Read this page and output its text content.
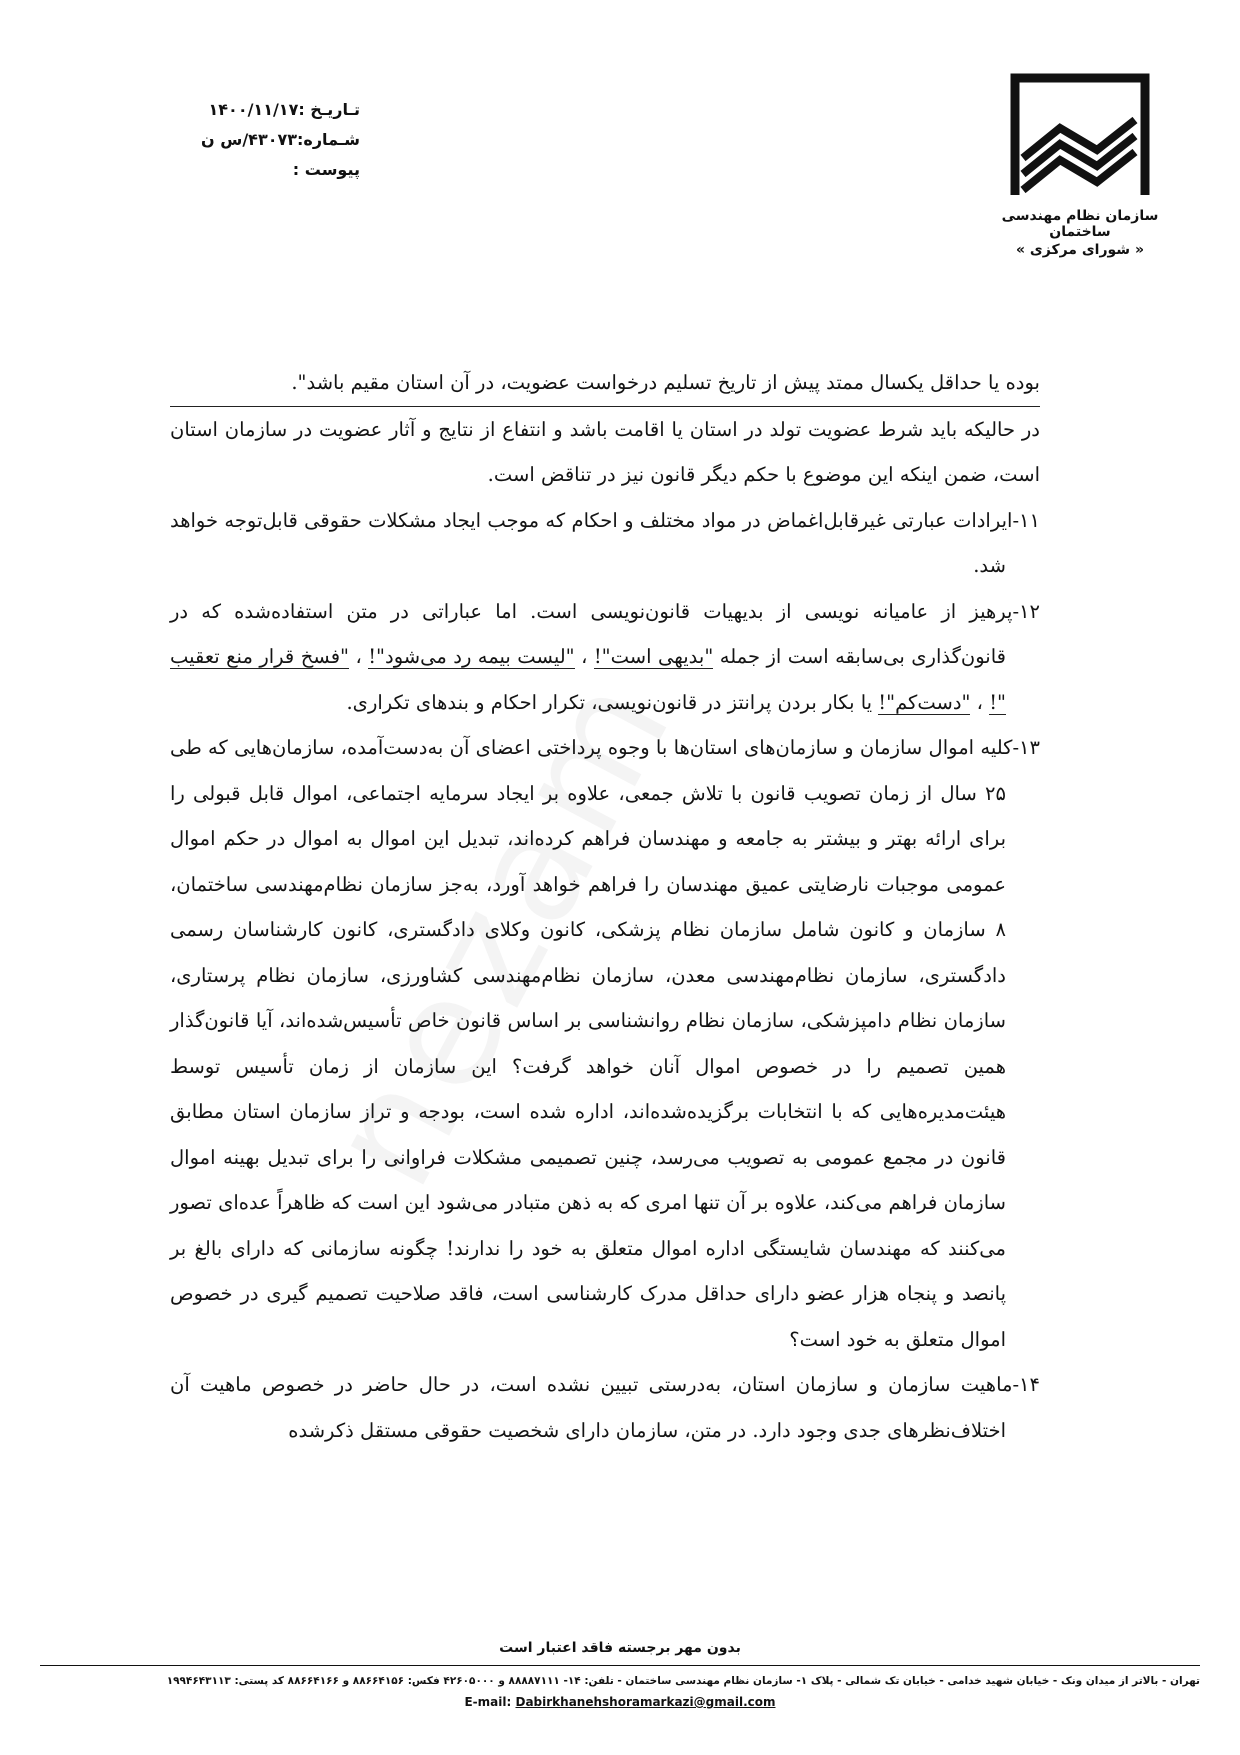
سازمان نظام مهندسی ساختمان
« شورای مرکزی »
تـاریـخ :۱۴۰۰/۱۱/۱۷
شـماره:۴۳۰۷۳/س ن
پیوست :

بوده یا حداقل یکسال ممتد پیش از تاریخ تسلیم درخواست عضویت، در آن استان مقیم باشد".

در حالیکه باید شرط عضویت تولد در استان یا اقامت باشد و انتفاع از نتایج و آثار عضویت در سازمان استان است، ضمن اینکه این موضوع با حکم دیگر قانون نیز در تناقض است.

۱۱-ایرادات عبارتی غیرقابل‌اغماض در مواد مختلف و احکام که موجب ایجاد مشکلات حقوقی قابل‌توجه خواهد شد.

۱۲-پرهیز از عامیانه نویسی از بدیهیات قانون‌نویسی است. اما عباراتی در متن استفاده‌شده که در قانون‌گذاری بی‌سابقه است از جمله "بدیهی است"! ، "لیست بیمه رد می‌شود"! ، "فسخ قرار منع تعقیب "! ، "دست‌کم"! یا بکار بردن پرانتز در قانون‌نویسی، تکرار احکام و بندهای تکراری.

۱۳-کلیه اموال سازمان و سازمان‌های استان‌ها با وجوه پرداختی اعضای آن به‌دست‌آمده، سازمان‌هایی که طی ۲۵ سال از زمان تصویب قانون با تلاش جمعی، علاوه بر ایجاد سرمایه اجتماعی، اموال قابل قبولی را برای ارائه بهتر و بیشتر به جامعه و مهندسان فراهم کرده‌اند، تبدیل این اموال به اموال در حکم اموال عمومی موجبات نارضایتی عمیق مهندسان را فراهم خواهد آورد، به‌جز سازمان نظام‌مهندسی ساختمان، ۸ سازمان و کانون شامل سازمان نظام پزشکی، کانون وکلای دادگستری، کانون کارشناسان رسمی دادگستری، سازمان نظام‌مهندسی معدن، سازمان نظام‌مهندسی کشاورزی، سازمان نظام پرستاری، سازمان نظام دامپزشکی، سازمان نظام روانشناسی بر اساس قانون خاص تأسیس‌شده‌اند، آیا قانون‌گذار همین تصمیم را در خصوص اموال آنان خواهد گرفت؟ این سازمان از زمان تأسیس توسط هیئت‌مدیره‌هایی که با انتخابات برگزیده‌شده‌اند، اداره شده است، بودجه و تراز سازمان استان مطابق قانون در مجمع عمومی به تصویب می‌رسد، چنین تصمیمی مشکلات فراوانی را برای تبدیل بهینه اموال سازمان فراهم می‌کند، علاوه بر آن تنها امری که به ذهن متبادر می‌شود این است که ظاهراً عده‌ای تصور می‌کنند که مهندسان شایستگی اداره اموال متعلق به خود را ندارند! چگونه سازمانی که دارای بالغ بر پانصد و پنجاه هزار عضو دارای حداقل مدرک کارشناسی است، فاقد صلاحیت تصمیم گیری در خصوص اموال متعلق به خود است؟

۱۴-ماهیت سازمان و سازمان استان، به‌درستی تبیین نشده است، در حال حاضر در خصوص ماهیت آن اختلاف‌نظرهای جدی وجود دارد. در متن، سازمان دارای شخصیت حقوقی مستقل ذکرشده

بدون مهر برجسته فاقد اعتبار است
تهران - بالاتر از میدان ونک - خیابان شهید خدامی - خیابان تک شمالی - پلاک ۱- سازمان نظام مهندسی ساختمان - تلفن: ۱۴- ۸۸۸۸۷۱۱۱ و ۴۲۶۰۵۰۰۰ فکس: ۸۸۶۶۴۱۵۶ و ۸۸۶۶۴۱۶۶ کد پستی: ۱۹۹۴۶۴۳۱۱۳
E-mail: Dabirkhanehshoramarkazi@gmail.com
